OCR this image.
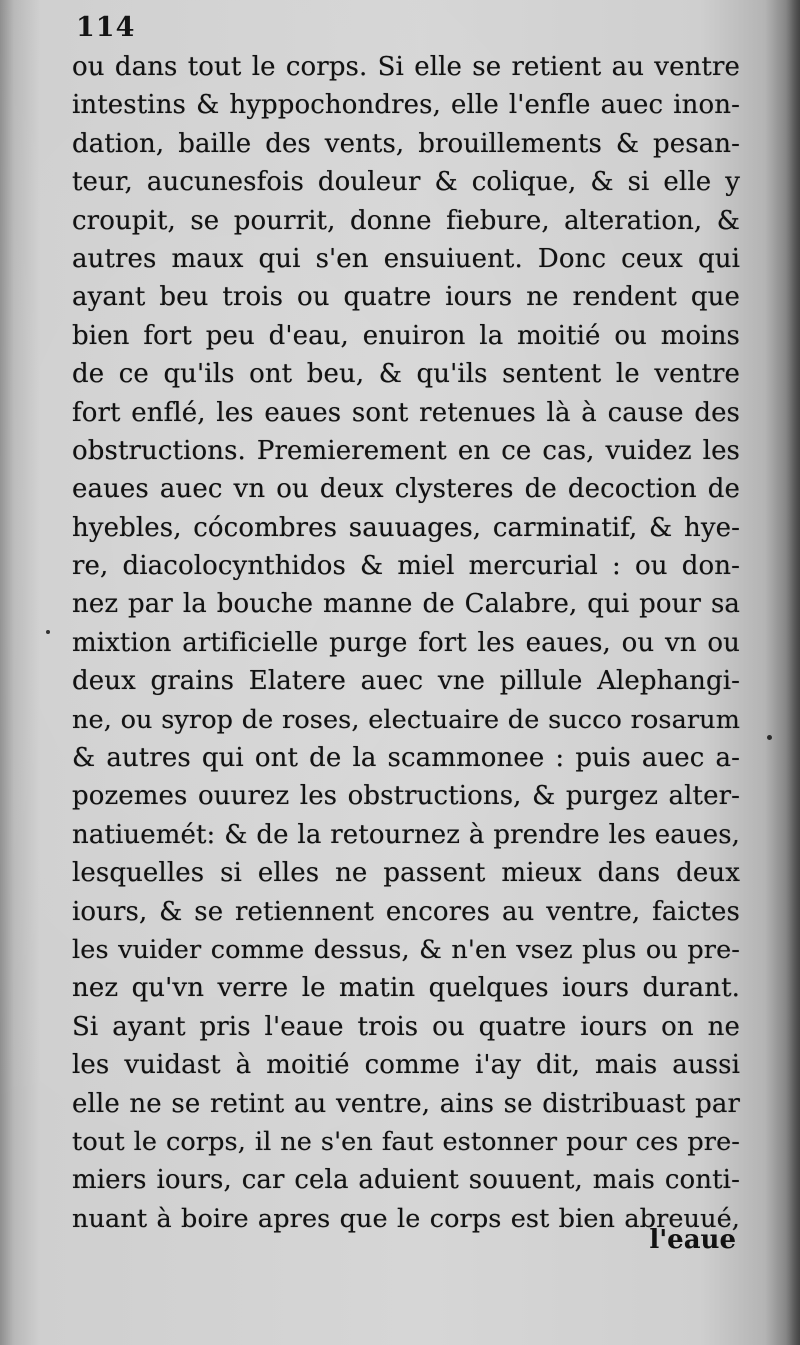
114
ou dans tout le corps. Si elle se retient au ventre
intestins & hyppochondres, elle l'enfle auec inon-
dation, baille des vents, brouillements & pesan-
teur, aucunesfois douleur & colique, & si elle y
croupit, se pourrit, donne fiebure, alteration, &
autres maux qui s'en ensuiuent. Donc ceux qui
ayant beu trois ou quatre iours ne rendent que
bien fort peu d'eau, enuiron la moitié ou moins
de ce qu'ils ont beu, & qu'ils sentent le ventre
fort enflé, les eaues sont retenues là à cause des
obstructions. Premierement en ce cas, vuidez les
eaues auec vn ou deux clysteres de decoction de
hyebles, cócombres sauuages, carminatif, & hye-
re, diacolocynthidos & miel mercurial : ou don-
nez par la bouche manne de Calabre, qui pour sa
mixtion artificielle purge fort les eaues, ou vn ou
deux grains Elatere auec vne pillule Alephangi-
ne, ou syrop de roses, electuaire de succo rosarum
& autres qui ont de la scammonee : puis auec a-
pozemes ouurez les obstructions, & purgez alter-
natiuemét: & de la retournez à prendre les eaues,
lesquelles si elles ne passent mieux dans deux
iours, & se retiennent encores au ventre, faictes
les vuider comme dessus, & n'en vsez plus ou pre-
nez qu'vn verre le matin quelques iours durant.
Si ayant pris l'eaue trois ou quatre iours on ne
les vuidast à moitié comme i'ay dit, mais aussi
elle ne se retint au ventre, ains se distribuast par
tout le corps, il ne s'en faut estonner pour ces pre-
miers iours, car cela aduient souuent, mais conti-
nuant à boire apres que le corps est bien abreuué,
l'eaue
